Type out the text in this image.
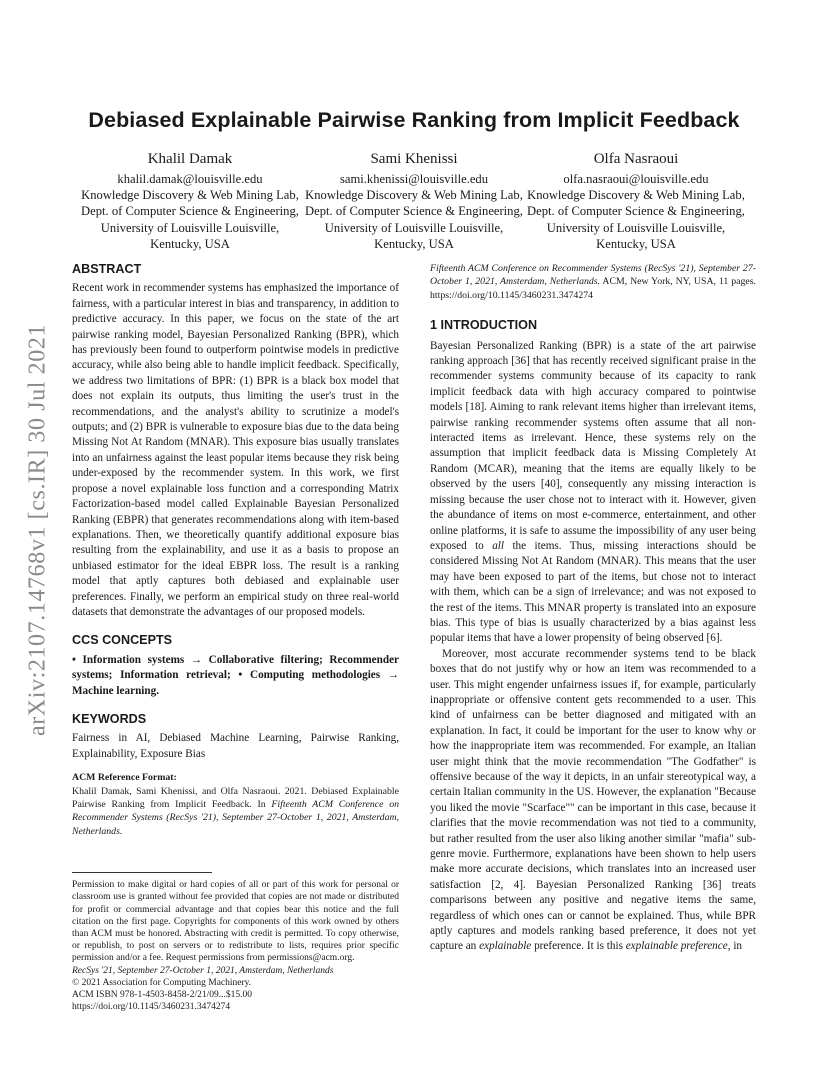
arXiv:2107.14768v1 [cs.IR] 30 Jul 2021
Debiased Explainable Pairwise Ranking from Implicit Feedback
Khalil Damak
khalil.damak@louisville.edu
Knowledge Discovery & Web Mining Lab, Dept. of Computer Science & Engineering, University of Louisville Louisville, Kentucky, USA
Sami Khenissi
sami.khenissi@louisville.edu
Knowledge Discovery & Web Mining Lab, Dept. of Computer Science & Engineering, University of Louisville Louisville, Kentucky, USA
Olfa Nasraoui
olfa.nasraoui@louisville.edu
Knowledge Discovery & Web Mining Lab, Dept. of Computer Science & Engineering, University of Louisville Louisville, Kentucky, USA
ABSTRACT

Recent work in recommender systems has emphasized the importance of fairness, with a particular interest in bias and transparency, in addition to predictive accuracy. In this paper, we focus on the state of the art pairwise ranking model, Bayesian Personalized Ranking (BPR), which has previously been found to outperform pointwise models in predictive accuracy, while also being able to handle implicit feedback. Specifically, we address two limitations of BPR: (1) BPR is a black box model that does not explain its outputs, thus limiting the user's trust in the recommendations, and the analyst's ability to scrutinize a model's outputs; and (2) BPR is vulnerable to exposure bias due to the data being Missing Not At Random (MNAR). This exposure bias usually translates into an unfairness against the least popular items because they risk being under-exposed by the recommender system. In this work, we first propose a novel explainable loss function and a corresponding Matrix Factorization-based model called Explainable Bayesian Personalized Ranking (EBPR) that generates recommendations along with item-based explanations. Then, we theoretically quantify additional exposure bias resulting from the explainability, and use it as a basis to propose an unbiased estimator for the ideal EBPR loss. The result is a ranking model that aptly captures both debiased and explainable user preferences. Finally, we perform an empirical study on three real-world datasets that demonstrate the advantages of our proposed models.

CCS CONCEPTS

• Information systems → Collaborative filtering; Recommender systems; Information retrieval; • Computing methodologies → Machine learning.

KEYWORDS

Fairness in AI, Debiased Machine Learning, Pairwise Ranking, Explainability, Exposure Bias

ACM Reference Format:

Khalil Damak, Sami Khenissi, and Olfa Nasraoui. 2021. Debiased Explainable Pairwise Ranking from Implicit Feedback. In Fifteenth ACM Conference on Recommender Systems (RecSys '21), September 27-October 1, 2021, Amsterdam, Netherlands.

Permission to make digital or hard copies of all or part of this work for personal or classroom use is granted without fee provided that copies are not made or distributed for profit or commercial advantage and that copies bear this notice and the full citation on the first page. Copyrights for components of this work owned by others than ACM must be honored. Abstracting with credit is permitted. To copy otherwise, or republish, to post on servers or to redistribute to lists, requires prior specific permission and/or a fee. Request permissions from permissions@acm.org.

RecSys '21, September 27-October 1, 2021, Amsterdam, Netherlands
© 2021 Association for Computing Machinery.
ACM ISBN 978-1-4503-8458-2/21/09...$15.00
https://doi.org/10.1145/3460231.3474274

Fifteenth ACM Conference on Recommender Systems (RecSys '21), September 27-October 1, 2021, Amsterdam, Netherlands. ACM, New York, NY, USA, 11 pages. https://doi.org/10.1145/3460231.3474274

1 INTRODUCTION

Bayesian Personalized Ranking (BPR) is a state of the art pairwise ranking approach [36] that has recently received significant praise in the recommender systems community because of its capacity to rank implicit feedback data with high accuracy compared to pointwise models [18]. Aiming to rank relevant items higher than irrelevant items, pairwise ranking recommender systems often assume that all non-interacted items as irrelevant. Hence, these systems rely on the assumption that implicit feedback data is Missing Completely At Random (MCAR), meaning that the items are equally likely to be observed by the users [40], consequently any missing interaction is missing because the user chose not to interact with it. However, given the abundance of items on most e-commerce, entertainment, and other online platforms, it is safe to assume the impossibility of any user being exposed to all the items. Thus, missing interactions should be considered Missing Not At Random (MNAR). This means that the user may have been exposed to part of the items, but chose not to interact with them, which can be a sign of irrelevance; and was not exposed to the rest of the items. This MNAR property is translated into an exposure bias. This type of bias is usually characterized by a bias against less popular items that have a lower propensity of being observed [6].

Moreover, most accurate recommender systems tend to be black boxes that do not justify why or how an item was recommended to a user. This might engender unfairness issues if, for example, particularly inappropriate or offensive content gets recommended to a user. This kind of unfairness can be better diagnosed and mitigated with an explanation. In fact, it could be important for the user to know why or how the inappropriate item was recommended. For example, an Italian user might think that the movie recommendation "The Godfather" is offensive because of the way it depicts, in an unfair stereotypical way, a certain Italian community in the US. However, the explanation "Because you liked the movie "Scarface"" can be important in this case, because it clarifies that the movie recommendation was not tied to a community, but rather resulted from the user also liking another similar "mafia" sub-genre movie. Furthermore, explanations have been shown to help users make more accurate decisions, which translates into an increased user satisfaction [2, 4]. Bayesian Personalized Ranking [36] treats comparisons between any positive and negative items the same, regardless of which ones can or cannot be explained. Thus, while BPR aptly captures and models ranking based preference, it does not yet capture an explainable preference. It is this explainable preference, in
